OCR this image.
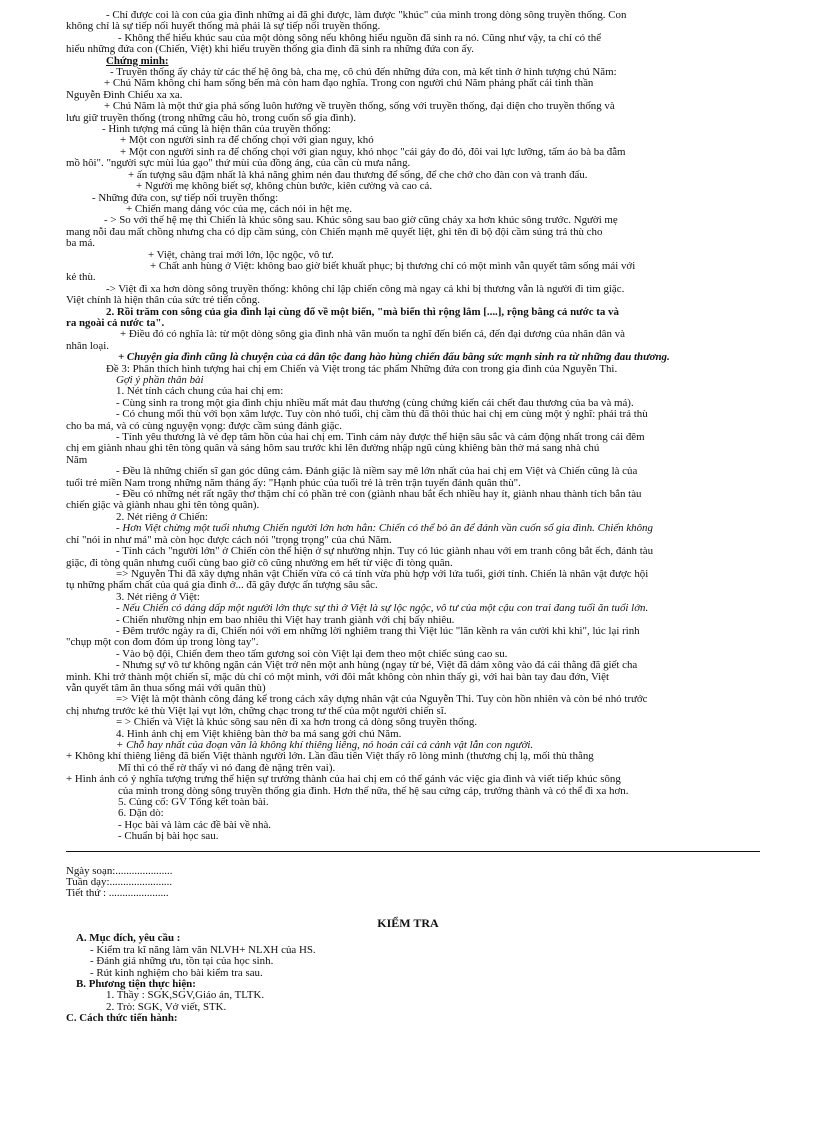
- Chỉ được coi là con của gia đình những ai đã ghi được, làm được "khúc" của mình trong dòng sông truyền thống. Con
không chỉ là sự tiếp nối huyết thống mà phải là sự tiếp nối truyền thống.
- Không thể hiểu khúc sau của một dòng sông nếu không hiểu nguồn đã sinh ra nó. Cũng như vậy, ta chỉ có thể
hiểu những đứa con (Chiến, Việt) khi hiểu truyền thống gia đình đã sinh ra những đứa con ấy.
Chứng minh:
- Truyền thống ấy chảy từ các thế hệ ông bà, cha mẹ, cô chú đến những đứa con, mà kết tinh ở hình tượng chú Năm:
+ Chú Năm không chỉ ham sống bến mà còn ham đạo nghĩa. Trong con người chú Năm phảng phất cái tinh thần
Nguyễn Đình Chiểu xa xa.
+ Chú Năm là một thứ gia phả sống luôn hướng về truyền thống, sống với truyền thống, đại diện cho truyền thống và
lưu giữ truyền thống (trong những câu hò, trong cuốn sổ gia đình).
- Hình tượng má cũng là hiện thân của truyền thống:
+ Một con người sinh ra để chống chọi với gian nguy, khó
+ Một con người sinh ra để chống chọi với gian nguy, khó nhọc "cái gáy đo đỏ, đôi vai lực lưỡng, tấm áo bà ba đẫm
mồ hôi". "người sực mùi lúa gạo" thứ mùi của đồng áng, của cần cù mưa nắng.
+ ấn tượng sâu đậm nhất là khả năng ghìm nén đau thương để sống, để che chở cho đàn con và tranh đấu.
+ Người mẹ không biết sợ, không chùn bước, kiên cường và cao cả.
- Những đứa con, sự tiếp nối truyền thống:
+ Chiến mang dáng vóc của mẹ, cách nói in hệt mẹ.
- > So với thế hệ mẹ thì Chiến là khúc sông sau. Khúc sông sau bao giờ cũng chảy xa hơn khúc sông trước. Người mẹ
mang nỗi đau mất chồng nhưng cha có dịp cầm súng, còn Chiến mạnh mẽ quyết liệt, ghi tên đi bộ đội cầm súng trả thù cho
ba má.
+ Việt, chàng trai mới lớn, lộc ngộc, vô tư.
+ Chất anh hùng ở Việt: không bao giờ biết khuất phục; bị thương chỉ có một mình vẫn quyết tâm sống mái với
kẻ thù.
-> Việt đi xa hơn dòng sông truyền thống: không chỉ lập chiến công mà ngay cả khi bị thương vẫn là người đi tìm giặc.
Việt chính là hiện thân của sức trẻ tiến công.
2. Rồi trăm con sông của gia đình lại cùng đổ về một biển, "mà biển thì rộng lắm [....], rộng bằng cả nước ta và
ra ngoài cả nước ta".
+ Điều đó có nghĩa là: từ một dòng sông gia đình nhà văn muốn ta nghĩ đến biển cả, đến đại dương của nhân dân và
nhân loại.
+ Chuyện gia đình cũng là chuyện của cả dân tộc đang hào hùng chiến đấu bằng sức mạnh sinh ra từ những đau thương.
Đề 3: Phân thích hình tượng hai chị em Chiến và Việt trong tác phẩm Những đứa con trong gia đình của Nguyễn Thi.
Gợi ý phần thân bài
1. Nét tính cách chung của hai chị em:
- Cùng sinh ra trong một gia đình chịu nhiều mất mát đau thương (cùng chứng kiến cái chết đau thương của ba và má).
- Có chung mối thù với bọn xâm lược. Tuy còn nhỏ tuổi, chị cầm thù đã thôi thúc hai chị em cùng một ý nghĩ: phải trả thù
cho ba má, và có cùng nguyện vọng: được cầm súng đánh giặc.
- Tính yêu thương là vẻ đẹp tâm hồn của hai chị em. Tình cảm này được thể hiện sâu sắc và cảm động nhất trong cái đêm
chị em giành nhau ghi tên tòng quân và sáng hôm sau trước khi lên đường nhập ngũ cùng khiêng bàn thờ má sang nhà chú
Năm
- Đều là những chiến sĩ gan góc dũng cảm. Đánh giặc là niềm say mê lớn nhất của hai chị em Việt và Chiến cũng là của
tuổi trẻ miền Nam trong những năm tháng ấy: "Hạnh phúc của tuổi trẻ là trên trận tuyến đánh quân thù".
- Đều có những nét rất ngây thơ thậm chí có phần trẻ con (giành nhau bắt ếch nhiều hay ít, giành nhau thành tích bắn tàu
chiến giặc và giành nhau ghi tên tòng quân).
2. Nét riêng ở Chiến:
- Hơn Việt chừng một tuổi nhưng Chiến người lớn hơn hẳn: Chiến có thể bỏ ăn để đánh vần cuốn sổ gia đình. Chiến không
chỉ "nói in như má" mà còn học được cách nói "trọng trọng" của chú Năm.
- Tính cách "người lớn" ở Chiến còn thể hiện ở sự nhường nhịn. Tuy có lúc giành nhau với em tranh công bắt ếch, đánh tàu
giặc, đi tòng quân nhưng cuối cùng bao giờ cô cũng nhường em hết từ việc đi tòng quân.
=> Nguyễn Thi đã xây dựng nhân vật Chiến vừa có cá tính vừa phù hợp với lứa tuổi, giới tính. Chiến là nhân vật được hội
tụ những phẩm chất của quá gia đình ở... đã gây được ấn tượng sâu sắc.
3. Nét riêng ở Việt:
- Nếu Chiến có dáng dấp một người lớn thực sự thì ở Việt là sự lộc ngộc, vô tư của một cậu con trai đang tuổi ăn tuổi lớn.
- Chiến nhường nhịn em bao nhiêu thì Việt hay tranh giành với chị bấy nhiêu.
- Đêm trước ngày ra đi, Chiến nói với em những lời nghiêm trang thì Việt lúc "lăn kềnh ra ván cười khì khì", lúc lại rình
"chụp một con đom đóm úp trong lòng tay".
- Vào bộ đội, Chiến đem theo tấm gương soi còn Việt lại đem theo một chiếc súng cao su.
- Nhưng sự vô tư không ngăn cản Việt trở nên một anh hùng (ngay từ bé, Việt đã dám xông vào đá cái thằng đã giết cha
mình. Khi trở thành một chiến sĩ, mặc dù chỉ có một mình, với đôi mắt không còn nhìn thấy gì, với hai bàn tay đau đớn, Việt
vẫn quyết tâm ăn thua sống mái với quân thù)
=> Việt là một thành công đáng kể trong cách xây dựng nhân vật của Nguyễn Thi. Tuy còn hồn nhiên và còn bé nhỏ trước
chị nhưng trước kẻ thù Việt lại vụt lớn, chững chạc trong tư thế của một người chiến sĩ.
= > Chiến và Việt là khúc sông sau nên đi xa hơn trong cả dòng sông truyền thống.
4. Hình ảnh chị em Việt khiêng bàn thờ ba má sang gởi chú Năm.
+ Chỗ hay nhất của đoạn văn là không khí thiêng liêng, nó hoán cải cả cảnh vật lẫn con người.
+ Không khí thiêng liêng đã biến Việt thành người lớn. Lần đầu tiên Việt thấy rõ lòng mình (thương chị lạ, mối thù thằng
Mĩ thì có thể rờ thấy vì nó đang đè nặng trên vai).
+ Hình ảnh có ý nghĩa tượng trưng thể hiện sự trưởng thành của hai chị em có thể gánh vác việc gia đình và viết tiếp khúc sông
của mình trong dòng sông truyền thống gia đình. Hơn thế nữa, thế hệ sau cứng cáp, trưởng thành và có thể đi xa hơn.
5. Củng cố: GV Tổng kết toàn bài.
6. Dặn dò:
- Học bài và làm các đề bài về nhà.
- Chuẩn bị bài học sau.
Ngày soạn:.....................
Tuần dạy:.......................
Tiết thứ : ......................
KIỂM TRA
A. Mục đích, yêu cầu :
- Kiểm tra kĩ năng làm văn NLVH+ NLXH của HS.
- Đánh giá những ưu, tồn tại của học sinh.
- Rút kinh nghiệm cho bài kiểm tra sau.
B. Phương tiện thực hiện:
1. Thầy : SGK,SGV,Giáo án, TLTK.
2. Trò: SGK, Vở viết, STK.
C. Cách thức tiến hành:
